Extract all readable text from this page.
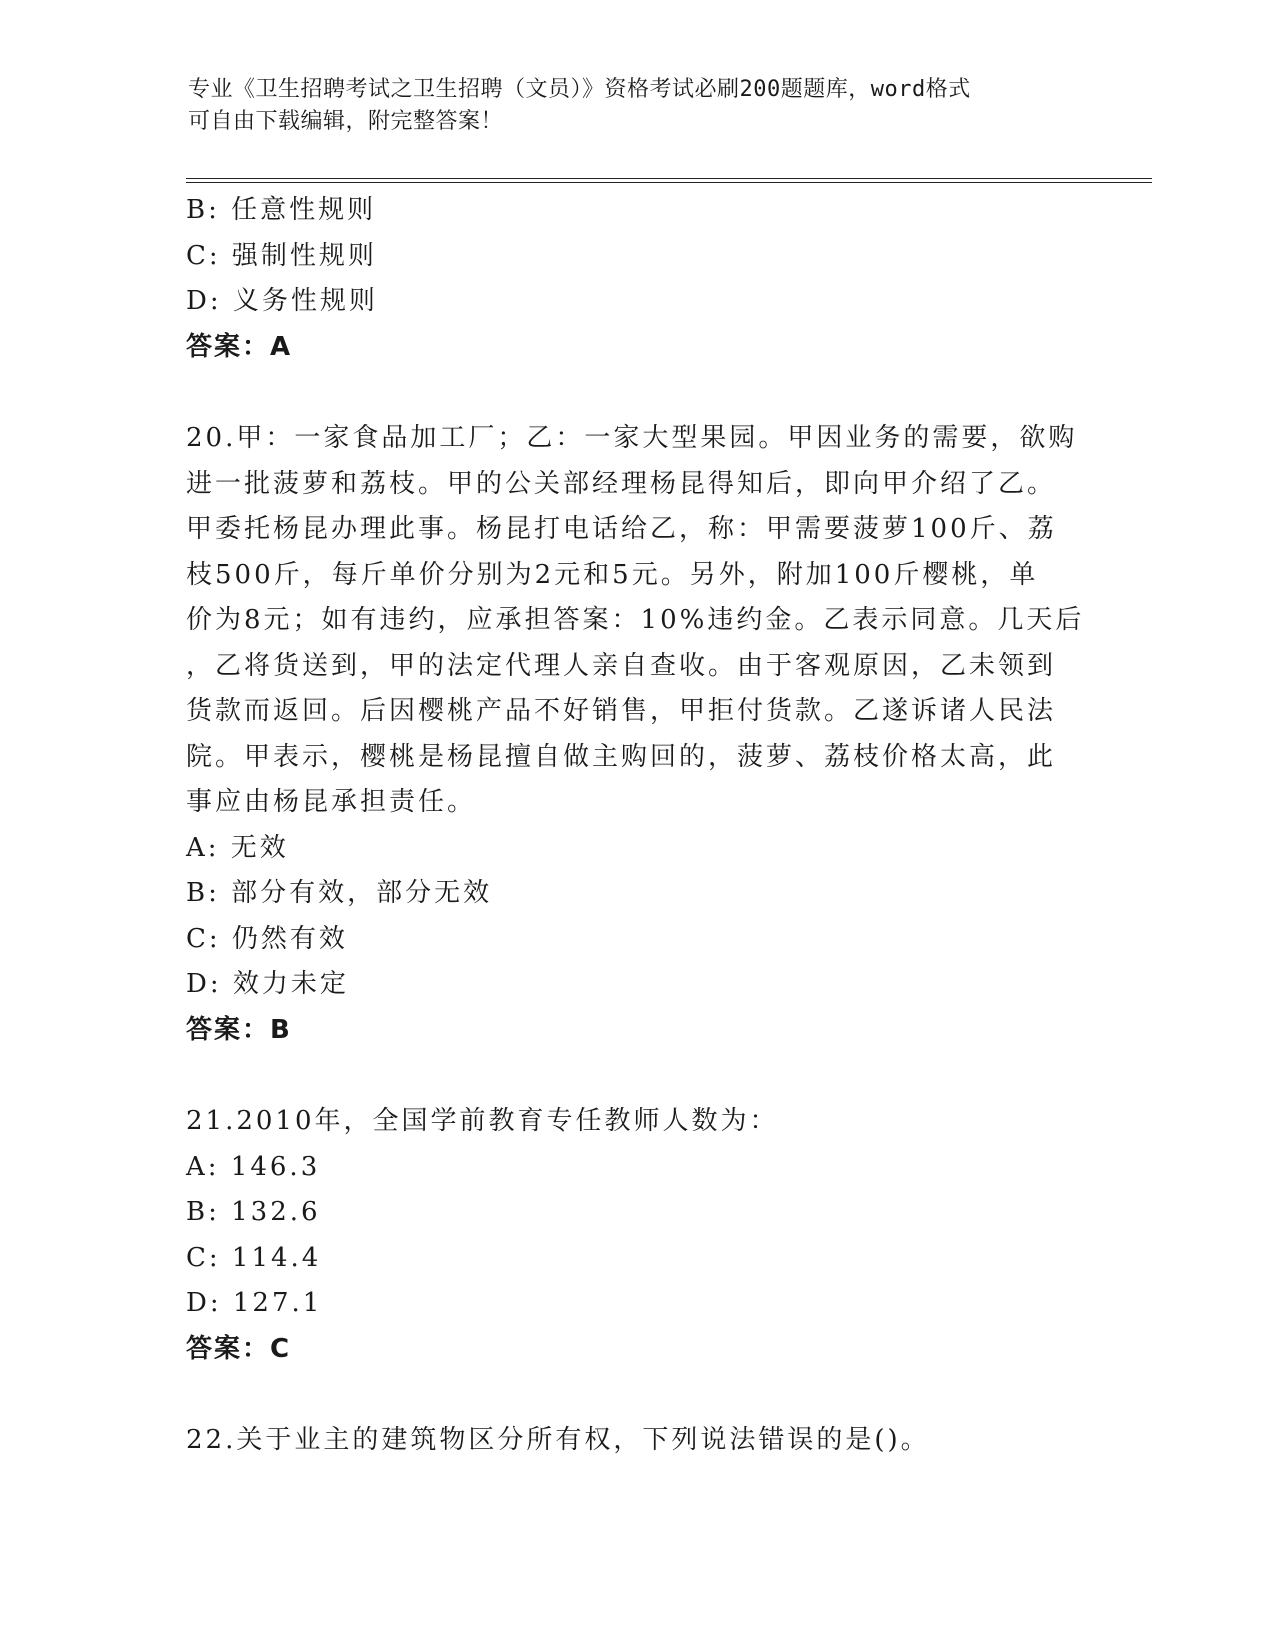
专业《卫生招聘考试之卫生招聘（文员）》资格考试必刷200题题库，word格式
可自由下载编辑，附完整答案！
B: 任意性规则
C: 强制性规则
D: 义务性规则
答案：A
20.甲：一家食品加工厂；乙：一家大型果园。甲因业务的需要，欲购
进一批菠萝和荔枝。甲的公关部经理杨昆得知后，即向甲介绍了乙。
甲委托杨昆办理此事。杨昆打电话给乙，称：甲需要菠萝100斤、荔
枝500斤，每斤单价分别为2元和5元。另外，附加100斤樱桃，单
价为8元；如有违约，应承担答案：10%违约金。乙表示同意。几天后
，乙将货送到，甲的法定代理人亲自查收。由于客观原因，乙未领到
货款而返回。后因樱桃产品不好销售，甲拒付货款。乙遂诉诸人民法
院。甲表示，樱桃是杨昆擅自做主购回的，菠萝、荔枝价格太高，此
事应由杨昆承担责任。
A: 无效
B: 部分有效，部分无效
C: 仍然有效
D: 效力未定
答案：B
21.2010年，全国学前教育专任教师人数为：
A: 146.3
B: 132.6
C: 114.4
D: 127.1
答案：C
22.关于业主的建筑物区分所有权，下列说法错误的是()。
